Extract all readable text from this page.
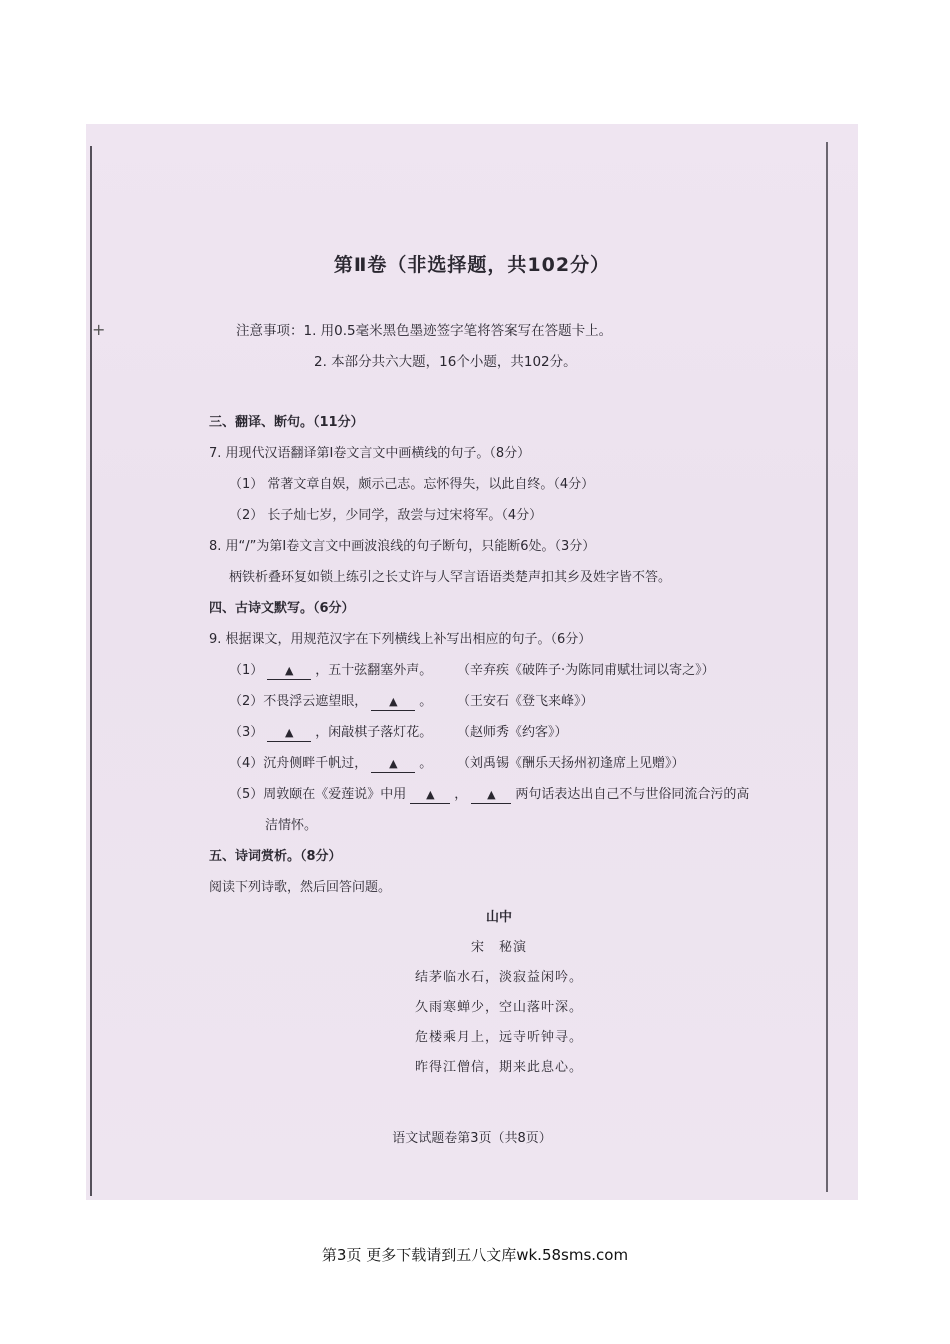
+
第Ⅱ卷（非选择题，共102分）
注意事项：1. 用0.5毫米黑色墨迹签字笔将答案写在答题卡上。
2. 本部分共六大题，16个小题，共102分。
三、翻译、断句。（11分）
7. 用现代汉语翻译第Ⅰ卷文言文中画横线的句子。（8分）
（1） 常著文章自娱，颇示己志。忘怀得失，以此自终。（4分）
（2） 长子灿七岁，少同学，敌尝与过宋将军。（4分）
8. 用“/”为第Ⅰ卷文言文中画波浪线的句子断句，只能断6处。（3分）
柄铁析叠环复如锁上练引之长丈许与人罕言语语类楚声扣其乡及姓字皆不答。
四、古诗文默写。（6分）
9. 根据课文，用规范汉字在下列横线上补写出相应的句子。（6分）
（1） ▲ ，五十弦翻塞外声。 （辛弃疾《破阵子·为陈同甫赋壮词以寄之》）
（2）不畏浮云遮望眼， ▲ 。 （王安石《登飞来峰》）
（3） ▲ ，闲敲棋子落灯花。 （赵师秀《约客》）
（4）沉舟侧畔千帆过， ▲ 。 （刘禹锡《酬乐天扬州初逢席上见赠》）
（5）周敦颐在《爱莲说》中用 ▲ ， ▲ 两句话表达出自己不与世俗同流合污的高
洁情怀。
五、诗词赏析。（8分）
阅读下列诗歌，然后回答问题。
山中
宋　秘演
结茅临水石，淡寂益闲吟。
久雨寒蝉少，空山落叶深。
危楼乘月上，远寺听钟寻。
昨得江僧信，期来此息心。
语文试题卷第3页（共8页）
第3页 更多下载请到五八文库wk.58sms.com
